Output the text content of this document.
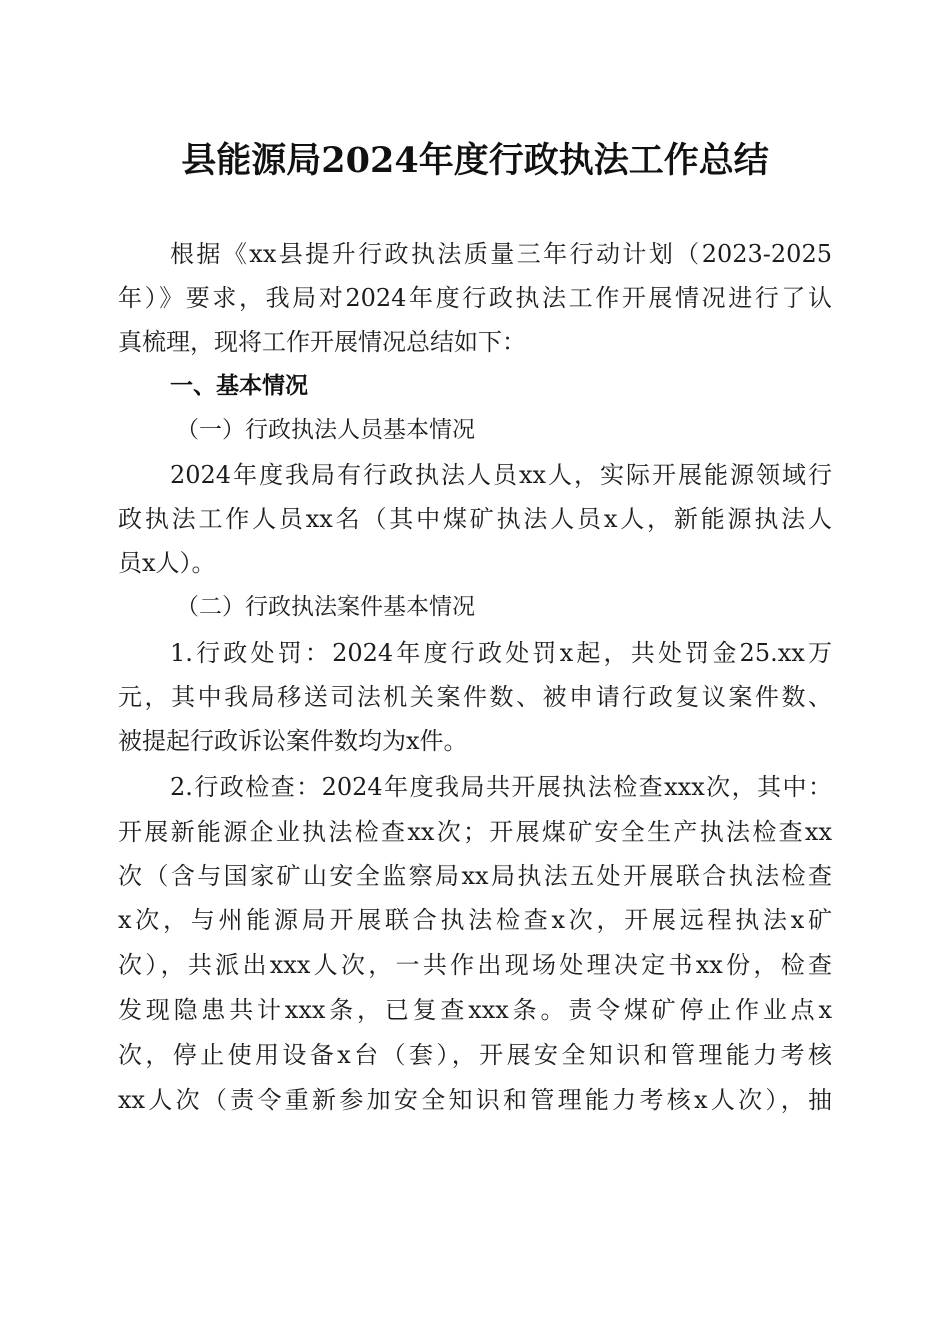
县能源局2024年度行政执法工作总结
根据《xx县提升行政执法质量三年行动计划（2023-2025
年）》要求，我局对2024年度行政执法工作开展情况进行了认
真梳理，现将工作开展情况总结如下：
一、基本情况
（一）行政执法人员基本情况
2024年度我局有行政执法人员xx人，实际开展能源领域行
政执法工作人员xx名（其中煤矿执法人员x人，新能源执法人
员x人）。
（二）行政执法案件基本情况
1.行政处罚：2024年度行政处罚x起，共处罚金25.xx万
元，其中我局移送司法机关案件数、被申请行政复议案件数、
被提起行政诉讼案件数均为x件。
2.行政检查：2024年度我局共开展执法检查xxx次，其中：
开展新能源企业执法检查xx次；开展煤矿安全生产执法检查xx
次（含与国家矿山安全监察局xx局执法五处开展联合执法检查
x次，与州能源局开展联合执法检查x次，开展远程执法x矿
次），共派出xxx人次，一共作出现场处理决定书xx份，检查
发现隐患共计xxx条，已复查xxx条。责令煤矿停止作业点x
次，停止使用设备x台（套），开展安全知识和管理能力考核
xx人次（责令重新参加安全知识和管理能力考核x人次），抽
